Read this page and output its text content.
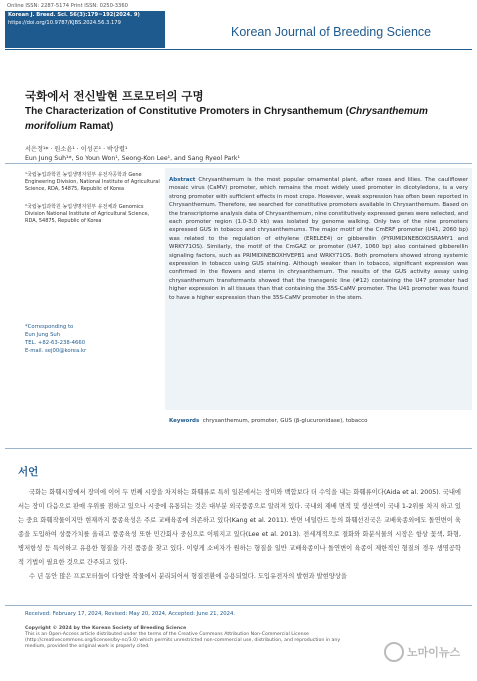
Online ISSN: 2287-5174 Print ISSN: 0250-3360
Korean J. Breed. Sci. 56(3):179~192(2024. 9)
https://doi.org/10.9787/KJBS.2024.56.3.179
Korean Journal of Breeding Science
국화에서 전신발현 프로모터의 구명
The Characterization of Constitutive Promoters in Chrysanthemum (Chrysanthemum morifolium Ramat)
서은정¹* · 원소윤¹ · 이성곤¹ · 박상렬¹
Eun Jung Suh¹*, So Youn Won¹, Seong-Kon Lee¹, and Sang Ryeol Park¹
¹국립농업과학원 농업생명자원부 유전자공학과 Gene Engineering Division, National Institute of Agricultural Science, RDA, 54875, Republic of Korea
²국립농업과학원 농업생명자원부 유전체과 Genomics Division National Institute of Agricultural Science, RDA, 54875, Republic of Korea
*Corresponding to
Eun Jung Suh
TEL. +82-63-238-4660
E-mail. sej00@korea.kr

Abstract Chrysanthemum is the most popular ornamental plant, after roses and lilies. The cauliflower mosaic virus (CaMV) promoter, which remains the most widely used promoter in dicotyledons, is a very strong promoter with sufficient effects in most crops. However, weak expression has often been reported in Chrysanthemum. Therefore, we searched for constitutive promoters available in Chrysanthemum. Based on the transcriptome analysis data of Chrysanthemum, nine constitutively expressed genes were selected, and each promoter region (1.0-3.0 kb) was isolated by genome walking. Only two of the nine promoters expressed GUS in tobacco and chrysanthemums. The major motif of the CmERF promoter (U41, 2060 bp) was related to the regulation of ethylene (ERELEE4) or gibberellin (PYRIMIDINEBOXOSRAMY1 and WRKY71OS). Similarly, the motif of the CmGAZ or promoter (U47, 1060 bp) also contained gibberellin signaling factors, such as PRIMIDINEBOXHVEPB1 and WRKY71OS. Both promoters showed strong systemic expression in tobacco using GUS staining. Although weaker than in tobacco, significant expression was confirmed in the flowers and stems in chrysanthemum. The results of the GUS activity assay using chrysanthemum transformants showed that the transgenic line (#12) containing the U47 promoter had higher expression in all tissues than that containing the 35S-CaMV promoter. The U41 promoter was found to have a higher expression than the 35S-CaMV promoter in the stem.

Keywords chrysanthemum, promoter, GUS (β-glucuronidase), tobacco
서언

국화는 화훼시장에서 장미에 이어 두 번째 시장을 차지하는 화훼류로 특히 일본에서는 장미와 백합보다 더 수익을 내는 화훼류이다(Aida et al. 2005). 국내에서는 장미 다음으로 판매 우위를 점하고 있으나 시중에 유통되는 것은 대부분 외국품종으로 알려져 있다. 국내외 재배 면적 및 생산액이 국내 1-2위를 차지 하고 있는 중요 화훼작물이지만 현재까지 품종육성은 주로 교배육종에 의존하고 있다(Kang et al. 2011). 반면 네덜란드 등의 화훼선진국은 교배육종외에도 돌연변이 육종을 도입하여 상품가치를 올리고 품종육성 또한 민간회사 중심으로 이뤄지고 있다(Lee et al. 2013). 전세계적으로 절화와 화분식물의 시장은 항상 꽃색, 화형, 병저항성 등 특이하고 유용한 형질을 가진 품종을 찾고 있다. 이렇게 소비자가 원하는 형질을 일반 교배육종이나 돌연변이 육종이 제한적인 형질의 경우 생명공학적 기법이 필요한 것으로 간주되고 있다.

수 년 동안 많은 프로모터들이 다양한 작물에서 분리되어서 형질전환에 응용되었다. 도입유전자의 발현과 발현양상을

Received: February 17, 2024, Revised: May 20, 2024, Accepted: June 21, 2024.
Copyright © 2024 by the Korean Society of Breeding Science
This is an Open-Access article distributed under the terms of the Creative Commons Attribution Non-Commercial License (http://creativecommons.org/licenses/by-nc/3.0) which permits unrestricted non-commercial use, distribution, and reproduction in any medium, provided the original work is properly cited.	노마이뉴스
